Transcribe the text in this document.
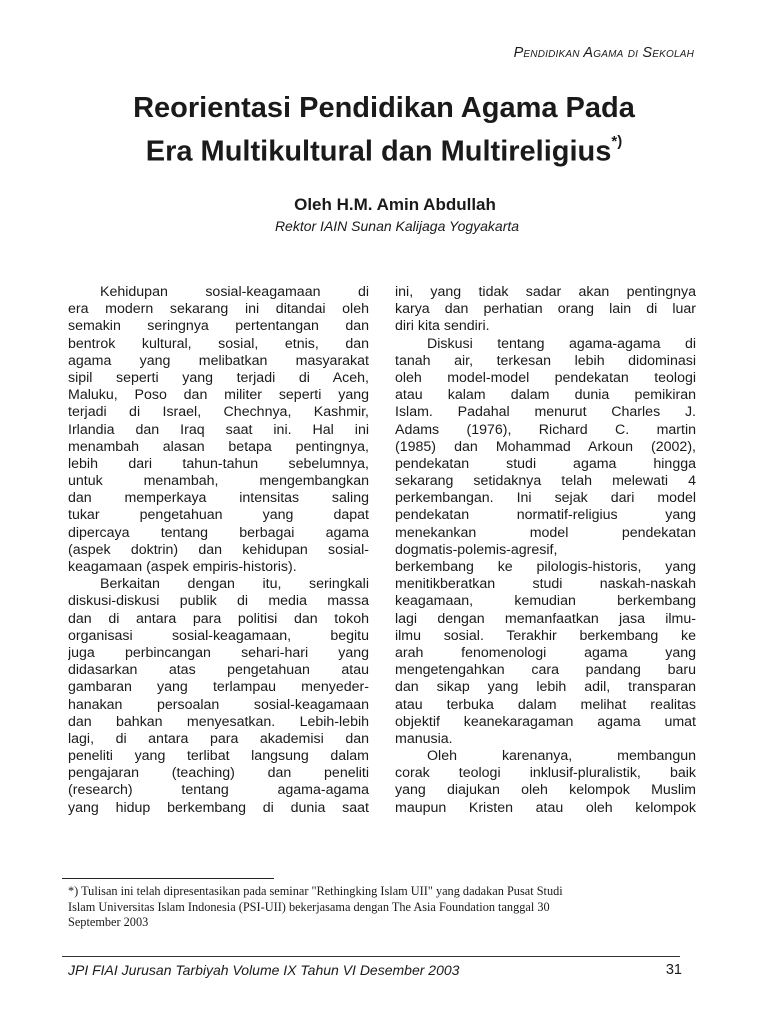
Pendidikan Agama di Sekolah
Reorientasi Pendidikan Agama Pada
Era Multikultural dan Multireligius*)
Oleh H.M. Amin Abdullah
Rektor IAIN Sunan Kalijaga Yogyakarta
Kehidupan sosial-keagamaan di
era modern sekarang ini ditandai oleh
semakin seringnya pertentangan dan
bentrok kultural, sosial, etnis, dan
agama yang melibatkan masyarakat
sipil seperti yang terjadi di Aceh,
Maluku, Poso dan militer seperti yang
terjadi di Israel, Chechnya, Kashmir,
Irlandia dan Iraq saat ini. Hal ini
menambah alasan betapa pentingnya,
lebih dari tahun-tahun sebelumnya,
untuk menambah, mengembangkan
dan memperkaya intensitas saling
tukar pengetahuan yang dapat
dipercaya tentang berbagai agama
(aspek doktrin) dan kehidupan sosial-
keagamaan (aspek empiris-historis).
Berkaitan dengan itu, seringkali
diskusi-diskusi publik di media massa
dan di antara para politisi dan tokoh
organisasi sosial-keagamaan, begitu
juga perbincangan sehari-hari yang
didasarkan atas pengetahuan atau
gambaran yang terlampau menyeder-
hanakan persoalan sosial-keagamaan
dan bahkan menyesatkan. Lebih-lebih
lagi, di antara para akademisi dan
peneliti yang terlibat langsung dalam
pengajaran (teaching) dan peneliti
(research) tentang agama-agama
yang hidup berkembang di dunia saat
ini, yang tidak sadar akan pentingnya
karya dan perhatian orang lain di luar
diri kita sendiri.
Diskusi tentang agama-agama di
tanah air, terkesan lebih didominasi
oleh model-model pendekatan teologi
atau kalam dalam dunia pemikiran
Islam. Padahal menurut Charles J.
Adams (1976), Richard C. martin
(1985) dan Mohammad Arkoun (2002),
pendekatan studi agama hingga
sekarang setidaknya telah melewati 4
perkembangan. Ini sejak dari model
pendekatan normatif-religius yang
menekankan model pendekatan
dogmatis-polemis-agresif,
berkembang ke pilologis-historis, yang
menitikberatkan studi naskah-naskah
keagamaan, kemudian berkembang
lagi dengan memanfaatkan jasa ilmu-
ilmu sosial. Terakhir berkembang ke
arah fenomenologi agama yang
mengetengahkan cara pandang baru
dan sikap yang lebih adil, transparan
atau terbuka dalam melihat realitas
objektif keanekaragaman agama umat
manusia.
Oleh karenanya, membangun
corak teologi inklusif-pluralistik, baik
yang diajukan oleh kelompok Muslim
maupun Kristen atau oleh kelompok
*) Tulisan ini telah dipresentasikan pada seminar "Rethingking Islam UII" yang dadakan Pusat Studi
Islam Universitas Islam Indonesia (PSI-UII) bekerjasama dengan The Asia Foundation tanggal 30
September 2003
JPI FIAI Jurusan Tarbiyah Volume IX Tahun VI Desember 2003	31
